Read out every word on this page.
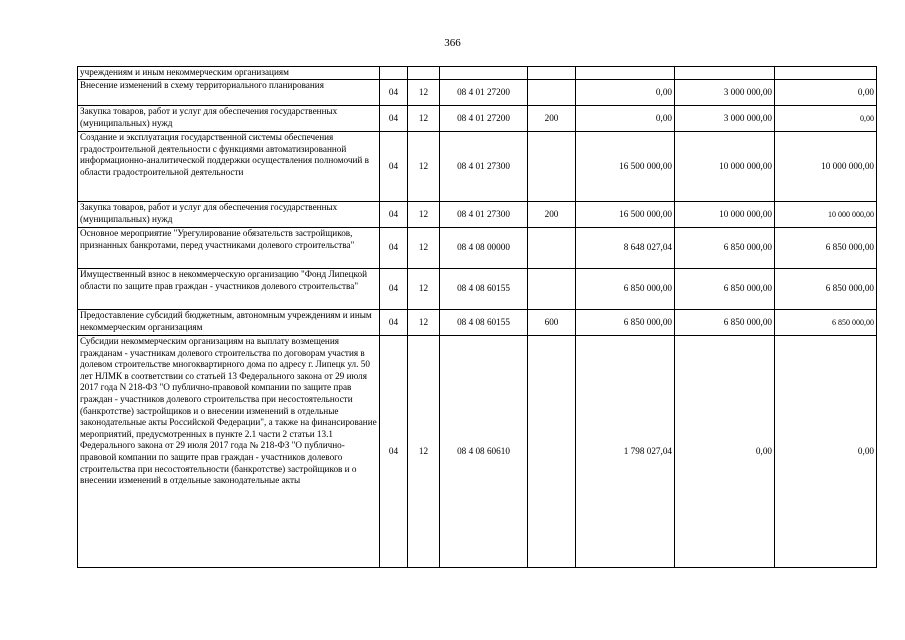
366
учреждениям и иным некоммерческим организациям							
Внесение изменений в схему территориального планирования	04	12	08 4 01 27200		0,00	3 000 000,00	0,00
Закупка товаров, работ и услуг для обеспечения государственных (муниципальных) нужд	04	12	08 4 01 27200	200	0,00	3 000 000,00	0,00
Создание и эксплуатация государственной системы обеспечения градостроительной деятельности с функциями автоматизированной информационно-аналитической поддержки осуществления полномочий в области градостроительной деятельности	04	12	08 4 01 27300		16 500 000,00	10 000 000,00	10 000 000,00
Закупка товаров, работ и услуг для обеспечения государственных (муниципальных) нужд	04	12	08 4 01 27300	200	16 500 000,00	10 000 000,00	10 000 000,00
Основное мероприятие "Урегулирование обязательств застройщиков, признанных банкротами, перед участниками долевого строительства"	04	12	08 4 08 00000		8 648 027,04	6 850 000,00	6 850 000,00
Имущественный взнос в некоммерческую организацию "Фонд Липецкой области по защите прав граждан - участников долевого строительства"	04	12	08 4 08 60155		6 850 000,00	6 850 000,00	6 850 000,00
Предоставление субсидий бюджетным, автономным учреждениям и иным некоммерческим организациям	04	12	08 4 08 60155	600	6 850 000,00	6 850 000,00	6 850 000,00
Субсидии некоммерческим организациям на выплату возмещения гражданам - участникам долевого строительства по договорам участия в долевом строительстве многоквартирного дома по адресу г. Липецк ул. 50 лет НЛМК в соответствии со статьей 13 Федерального закона от 29 июля 2017 года N 218-ФЗ "О публично-правовой компании по защите прав граждан - участников долевого строительства при несостоятельности (банкротстве) застройщиков и о внесении изменений в отдельные законодательные акты Российской Федерации", а также на финансирование мероприятий, предусмотренных в пункте 2.1 части 2 статьи 13.1 Федерального закона от 29 июля 2017 года № 218-ФЗ "О публично-правовой компании по защите прав граждан - участников долевого строительства при несостоятельности (банкротстве) застройщиков и о внесении изменений в отдельные законодательные акты	04	12	08 4 08 60610		1 798 027,04	0,00	0,00
